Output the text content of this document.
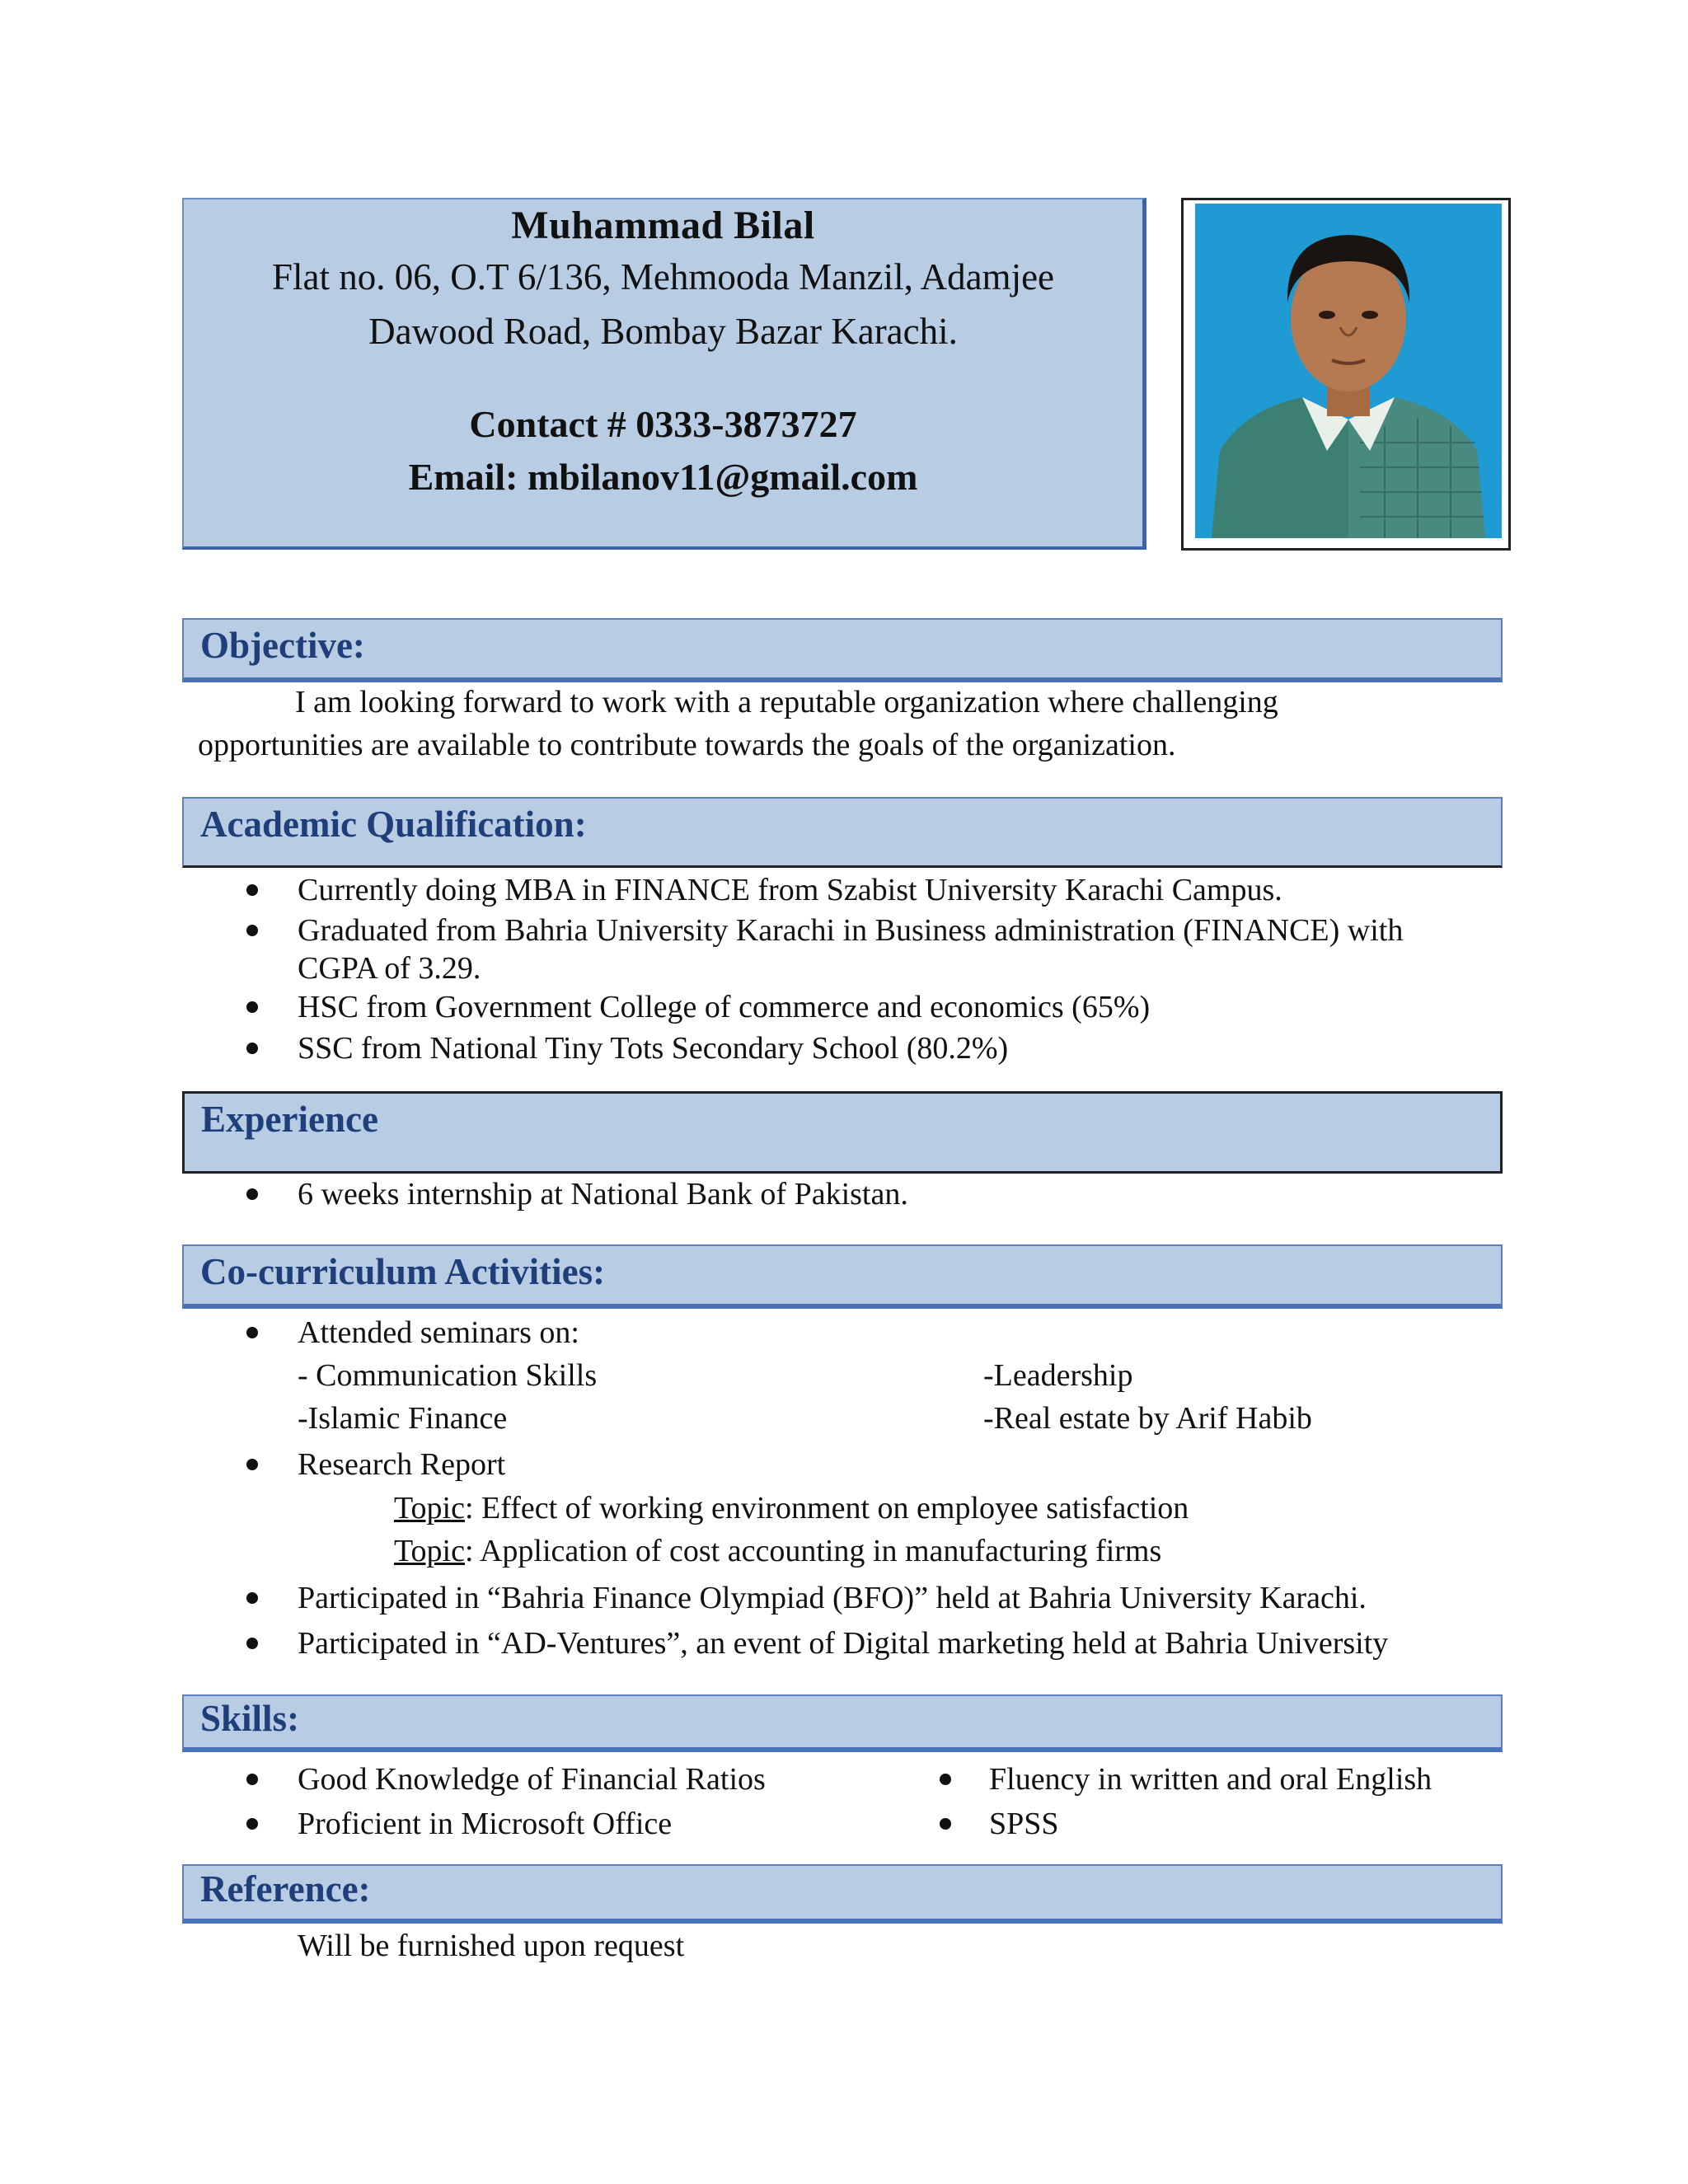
Muhammad Bilal
Flat no. 06, O.T 6/136, Mehmooda Manzil, Adamjee
Dawood Road, Bombay Bazar Karachi.
Contact # 0333-3873727
Email: mbilanov11@gmail.com
Objective:
I am looking forward to work with a reputable organization where challenging
opportunities are available to contribute towards the goals of the organization.
Academic Qualification:
Currently doing MBA in FINANCE from Szabist University Karachi Campus.
Graduated from Bahria University Karachi in Business administration (FINANCE) with
CGPA of 3.29.
HSC from Government College of commerce and economics (65%)
SSC from National Tiny Tots Secondary School (80.2%)
Experience
6 weeks internship at National Bank of Pakistan.
Co-curriculum Activities:
Attended seminars on:
- Communication Skills	-Leadership
-Islamic Finance	-Real estate by Arif Habib
Research Report
Topic: Effect of working environment on employee satisfaction
Topic: Application of cost accounting in manufacturing firms
Participated in “Bahria Finance Olympiad (BFO)” held at Bahria University Karachi.
Participated in “AD-Ventures”, an event of Digital marketing held at Bahria University
Skills:
Good Knowledge of Financial Ratios	Fluency in written and oral English
Proficient in Microsoft Office	SPSS
Reference:
Will be furnished upon request
